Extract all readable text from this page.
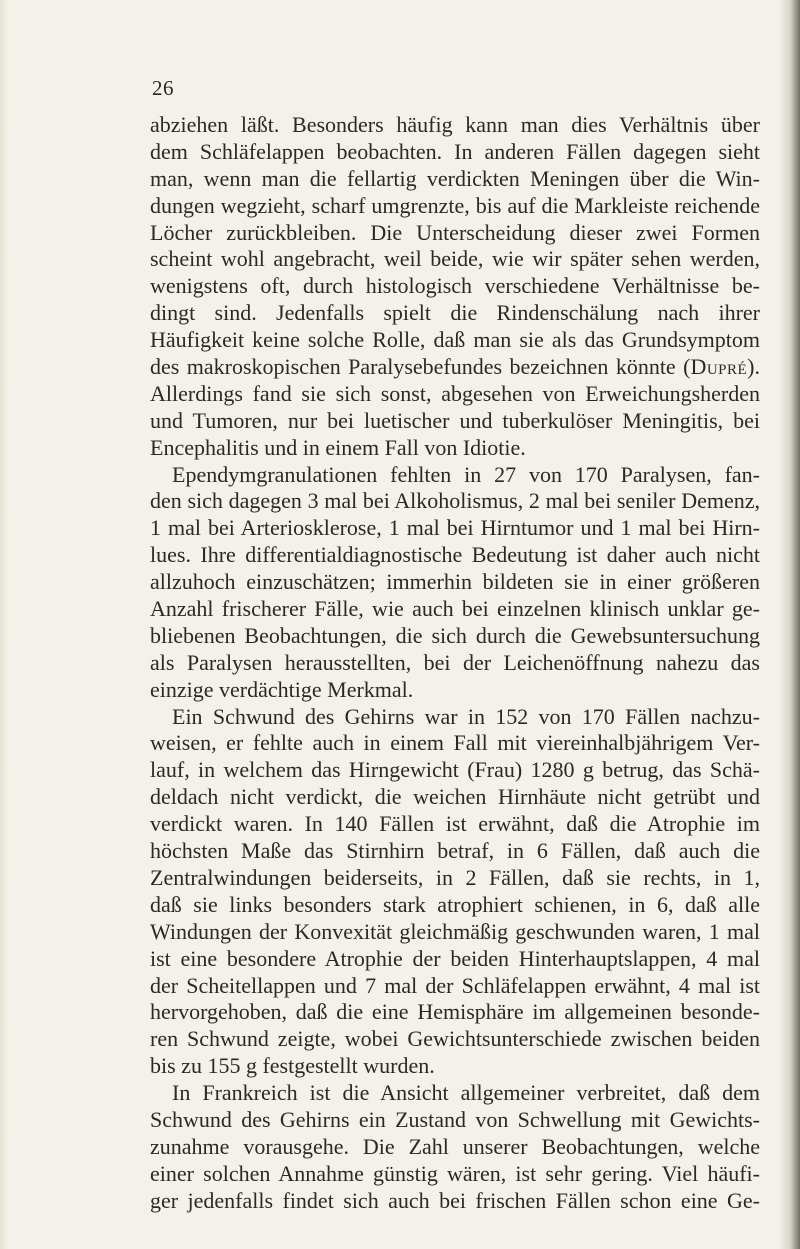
26
abziehen läßt. Besonders häufig kann man dies Verhältnis über
dem Schläfelappen beobachten. In anderen Fällen dagegen sieht
man, wenn man die fellartig verdickten Meningen über die Win-
dungen wegzieht, scharf umgrenzte, bis auf die Markleiste reichende
Löcher zurückbleiben. Die Unterscheidung dieser zwei Formen
scheint wohl angebracht, weil beide, wie wir später sehen werden,
wenigstens oft, durch histologisch verschiedene Verhältnisse be-
dingt sind. Jedenfalls spielt die Rindenschälung nach ihrer
Häufigkeit keine solche Rolle, daß man sie als das Grundsymptom
des makroskopischen Paralysebefundes bezeichnen könnte (Dupré).
Allerdings fand sie sich sonst, abgesehen von Erweichungsherden
und Tumoren, nur bei luetischer und tuberkulöser Meningitis, bei
Encephalitis und in einem Fall von Idiotie.
Ependymgranulationen fehlten in 27 von 170 Paralysen, fan-
den sich dagegen 3 mal bei Alkoholismus, 2 mal bei seniler Demenz,
1 mal bei Arteriosklerose, 1 mal bei Hirntumor und 1 mal bei Hirn-
lues. Ihre differentialdiagnostische Bedeutung ist daher auch nicht
allzuhoch einzuschätzen; immerhin bildeten sie in einer größeren
Anzahl frischerer Fälle, wie auch bei einzelnen klinisch unklar ge-
bliebenen Beobachtungen, die sich durch die Gewebsuntersuchung
als Paralysen herausstellten, bei der Leichenöffnung nahezu das
einzige verdächtige Merkmal.
Ein Schwund des Gehirns war in 152 von 170 Fällen nachzu-
weisen, er fehlte auch in einem Fall mit viereinhalbjährigem Ver-
lauf, in welchem das Hirngewicht (Frau) 1280 g betrug, das Schä-
deldach nicht verdickt, die weichen Hirnhäute nicht getrübt und
verdickt waren. In 140 Fällen ist erwähnt, daß die Atrophie im
höchsten Maße das Stirnhirn betraf, in 6 Fällen, daß auch die
Zentralwindungen beiderseits, in 2 Fällen, daß sie rechts, in 1,
daß sie links besonders stark atrophiert schienen, in 6, daß alle
Windungen der Konvexität gleichmäßig geschwunden waren, 1 mal
ist eine besondere Atrophie der beiden Hinterhauptslappen, 4 mal
der Scheitellappen und 7 mal der Schläfelappen erwähnt, 4 mal ist
hervorgehoben, daß die eine Hemisphäre im allgemeinen besonde-
ren Schwund zeigte, wobei Gewichtsunterschiede zwischen beiden
bis zu 155 g festgestellt wurden.
In Frankreich ist die Ansicht allgemeiner verbreitet, daß dem
Schwund des Gehirns ein Zustand von Schwellung mit Gewichts-
zunahme vorausgehe. Die Zahl unserer Beobachtungen, welche
einer solchen Annahme günstig wären, ist sehr gering. Viel häufi-
ger jedenfalls findet sich auch bei frischen Fällen schon eine Ge-
